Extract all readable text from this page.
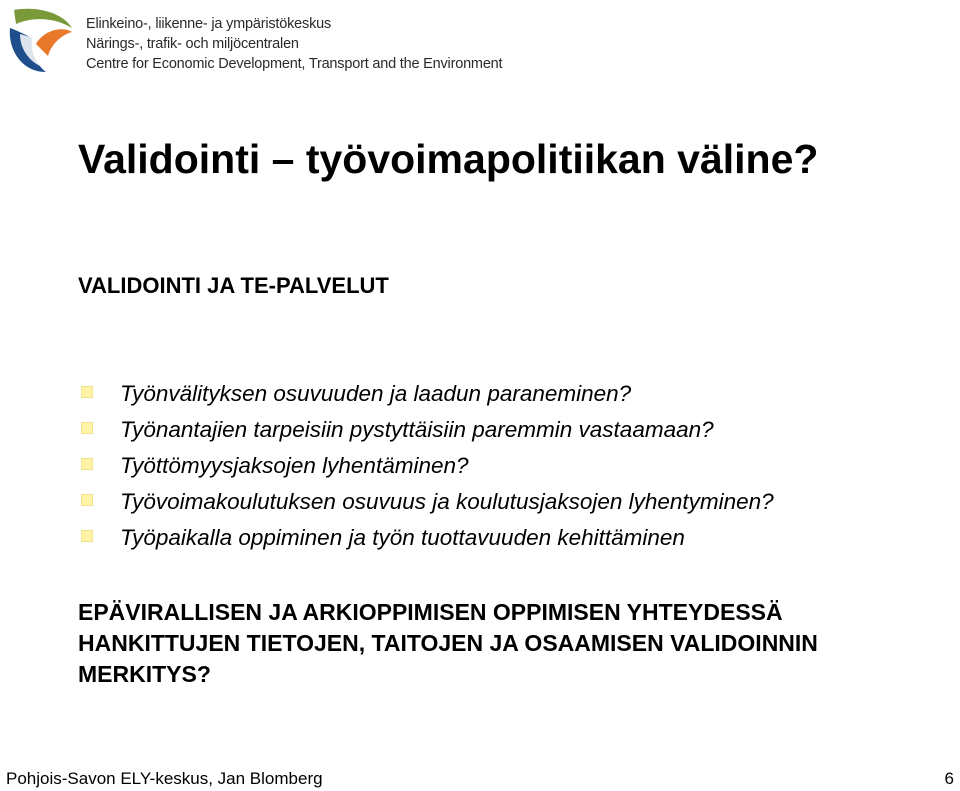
Elinkeino-, liikenne- ja ympäristökeskus
Närings-, trafik- och miljöcentralen
Centre for Economic Development, Transport and the Environment
Validointi – työvoimapolitiikan väline?
VALIDOINTI JA TE-PALVELUT
Työnvälityksen osuvuuden ja laadun paraneminen?
Työnantajien tarpeisiin pystyttäisiin paremmin vastaamaan?
Työttömyysjaksojen lyhentäminen?
Työvoimakoulutuksen osuvuus ja koulutusjaksojen lyhentyminen?
Työpaikalla oppiminen ja työn tuottavuuden kehittäminen

EPÄVIRALLISEN JA ARKIOPPIMISEN OPPIMISEN YHTEYDESSÄ HANKITTUJEN TIETOJEN, TAITOJEN JA OSAAMISEN VALIDOINNIN MERKITYS?

Pohjois-Savon ELY-keskus, Jan Blomberg	6
